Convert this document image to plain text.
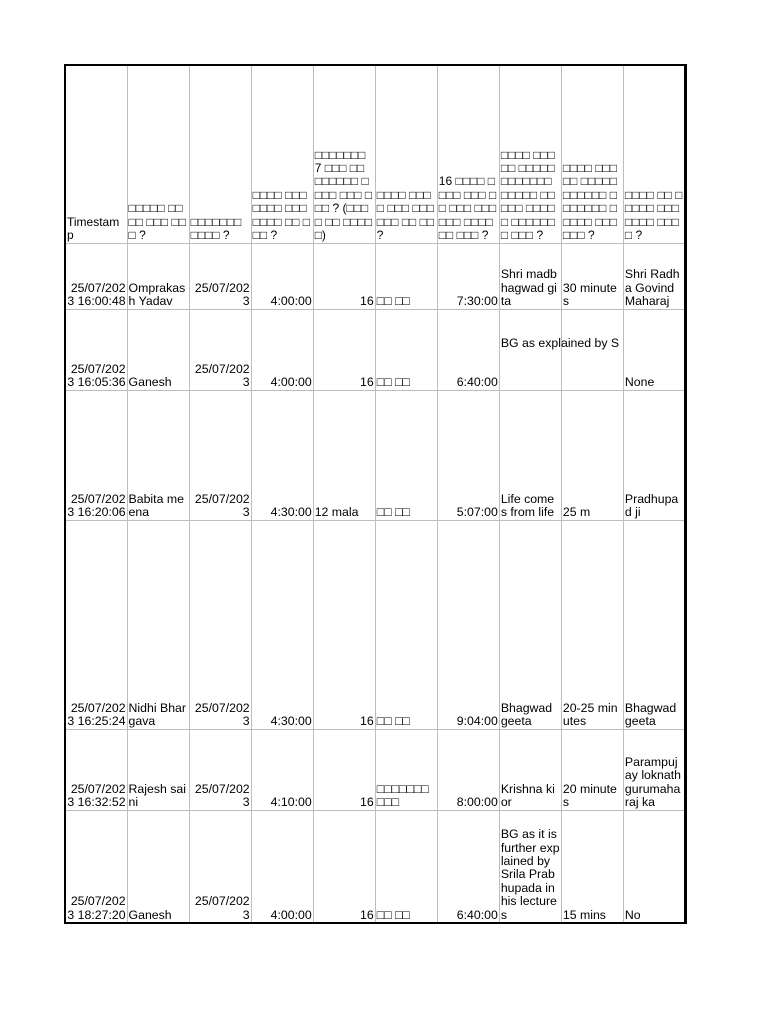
Timestamp	□□□□□ □□□□ □□□ □□□ ?	□□□□□□□ □□□□ ?	□□□□ □□□□□□□ □□□ □□□□ □□ □□□ ?	□□□□□□□ 7 □□□ □□ □□□□□□ □□□□ □□□ □□□ ? (□□□□ □□ □□□□□)	□□□□ □□□□ □□□ □□□□□□ □□ □□ ?	16 □□□□ □ □□□ □□□ □□ □□□ □□□□□□ □□□□ □□ □□□ ?	□□□□ □□□□□ □□□□□ □□□□□□□ □□□□□ □□□□□ □□□□□ □□□□□□□ □□□ ?	□□□□ □□□□□ □□□□□ □□□□□□ □□□□□□□ □□□□□ □□□ □□□ ?	□□□□ □□ □□□□□ □□□□□□□ □□□□ ?
25/07/2023 16:00:48	Omprakash Yadav	25/07/2023	4:00:00	16	□□ □□	7:30:00	Shri madbhagwad gita	30 minutes	Shri Radha Govind Maharaj
25/07/2023 16:05:36	Ganesh	25/07/2023	4:00:00	16	□□ □□	6:40:00	BG as explained by S		None
25/07/2023 16:20:06	Babita meena	25/07/2023	4:30:00	12 mala	□□ □□	5:07:00	Life comes from life	25 m	Pradhupad ji
25/07/2023 16:25:24	Nidhi Bhargava	25/07/2023	4:30:00	16	□□ □□	9:04:00	Bhagwad geeta	20-25 minutes	Bhagwad geeta
25/07/2023 16:32:52	Rajesh saini	25/07/2023	4:10:00	16	□□□□□□□ □□□	8:00:00	Krishna kior	20 minutes	Parampujay loknath gurumaharaj ka
25/07/2023 18:27:20	Ganesh	25/07/2023	4:00:00	16	□□ □□	6:40:00	BG as it is further explained by Srila Prabhupada in his lectures	15 mins	No
